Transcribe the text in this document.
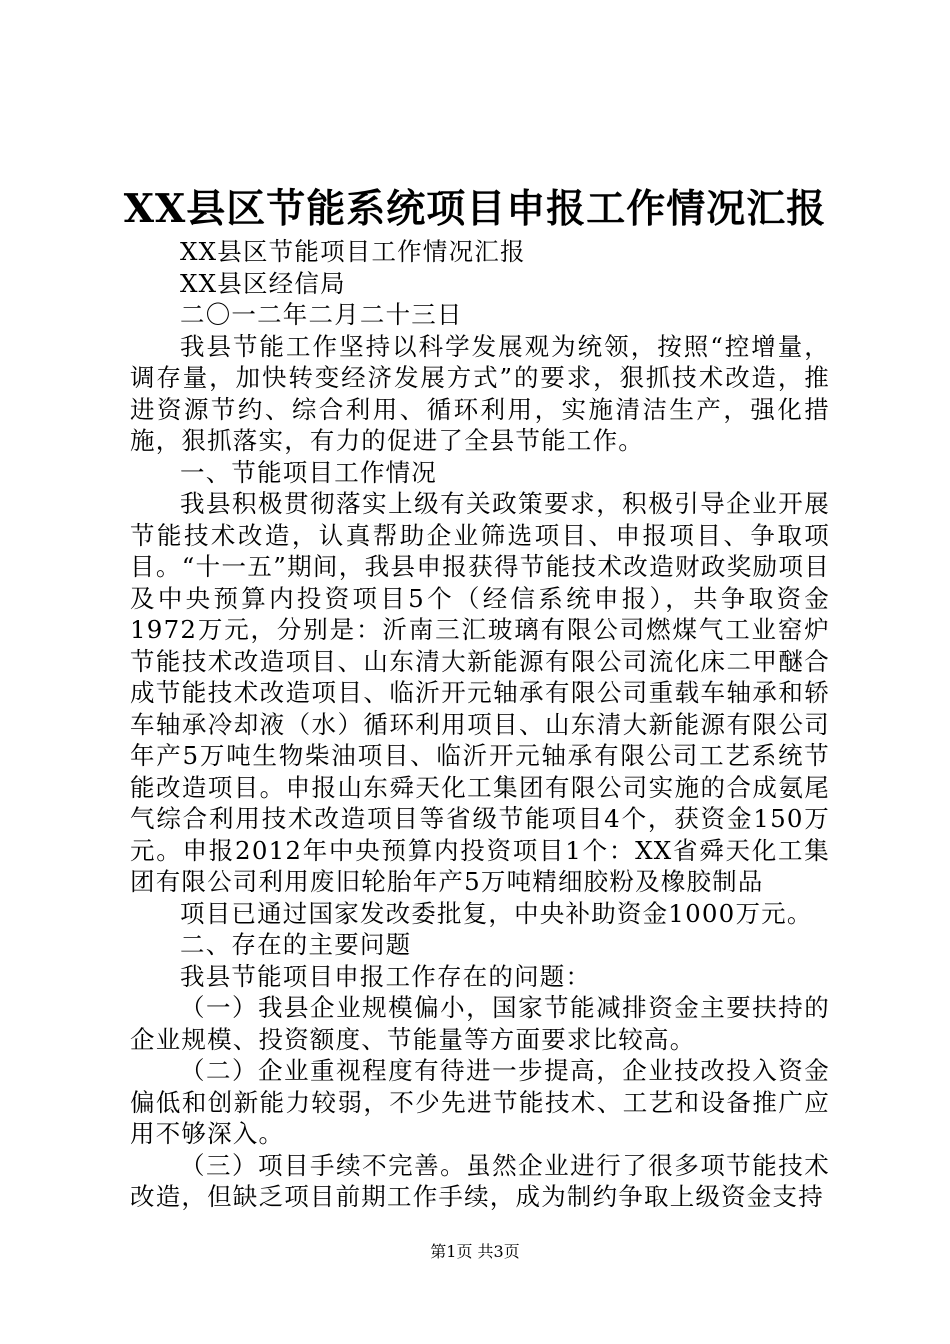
XX县区节能系统项目申报工作情况汇报

XX县区节能项目工作情况汇报

XX县区经信局

二〇一二年二月二十三日

我县节能工作坚持以科学发展观为统领，按照“控增量，调存量，加快转变经济发展方式”的要求，狠抓技术改造，推进资源节约、综合利用、循环利用，实施清洁生产，强化措施，狠抓落实，有力的促进了全县节能工作。

一、节能项目工作情况

我县积极贯彻落实上级有关政策要求，积极引导企业开展节能技术改造，认真帮助企业筛选项目、申报项目、争取项目。“十一五”期间，我县申报获得节能技术改造财政奖励项目及中央预算内投资项目5个（经信系统申报），共争取资金1972万元，分别是：沂南三汇玻璃有限公司燃煤气工业窑炉节能技术改造项目、山东清大新能源有限公司流化床二甲醚合成节能技术改造项目、临沂开元轴承有限公司重载车轴承和轿车轴承冷却液（水）循环利用项目、山东清大新能源有限公司年产5万吨生物柴油项目、临沂开元轴承有限公司工艺系统节能改造项目。申报山东舜天化工集团有限公司实施的合成氨尾气综合利用技术改造项目等省级节能项目4个，获资金150万元。申报2012年中央预算内投资项目1个：XX省舜天化工集团有限公司利用废旧轮胎年产5万吨精细胶粉及橡胶制品

项目已通过国家发改委批复，中央补助资金1000万元。

二、存在的主要问题

我县节能项目申报工作存在的问题：

（一）我县企业规模偏小，国家节能减排资金主要扶持的企业规模、投资额度、节能量等方面要求比较高。

（二）企业重视程度有待进一步提高，企业技改投入资金偏低和创新能力较弱，不少先进节能技术、工艺和设备推广应用不够深入。

（三）项目手续不完善。虽然企业进行了很多项节能技术改造，但缺乏项目前期工作手续，成为制约争取上级资金支持

第1页 共3页
